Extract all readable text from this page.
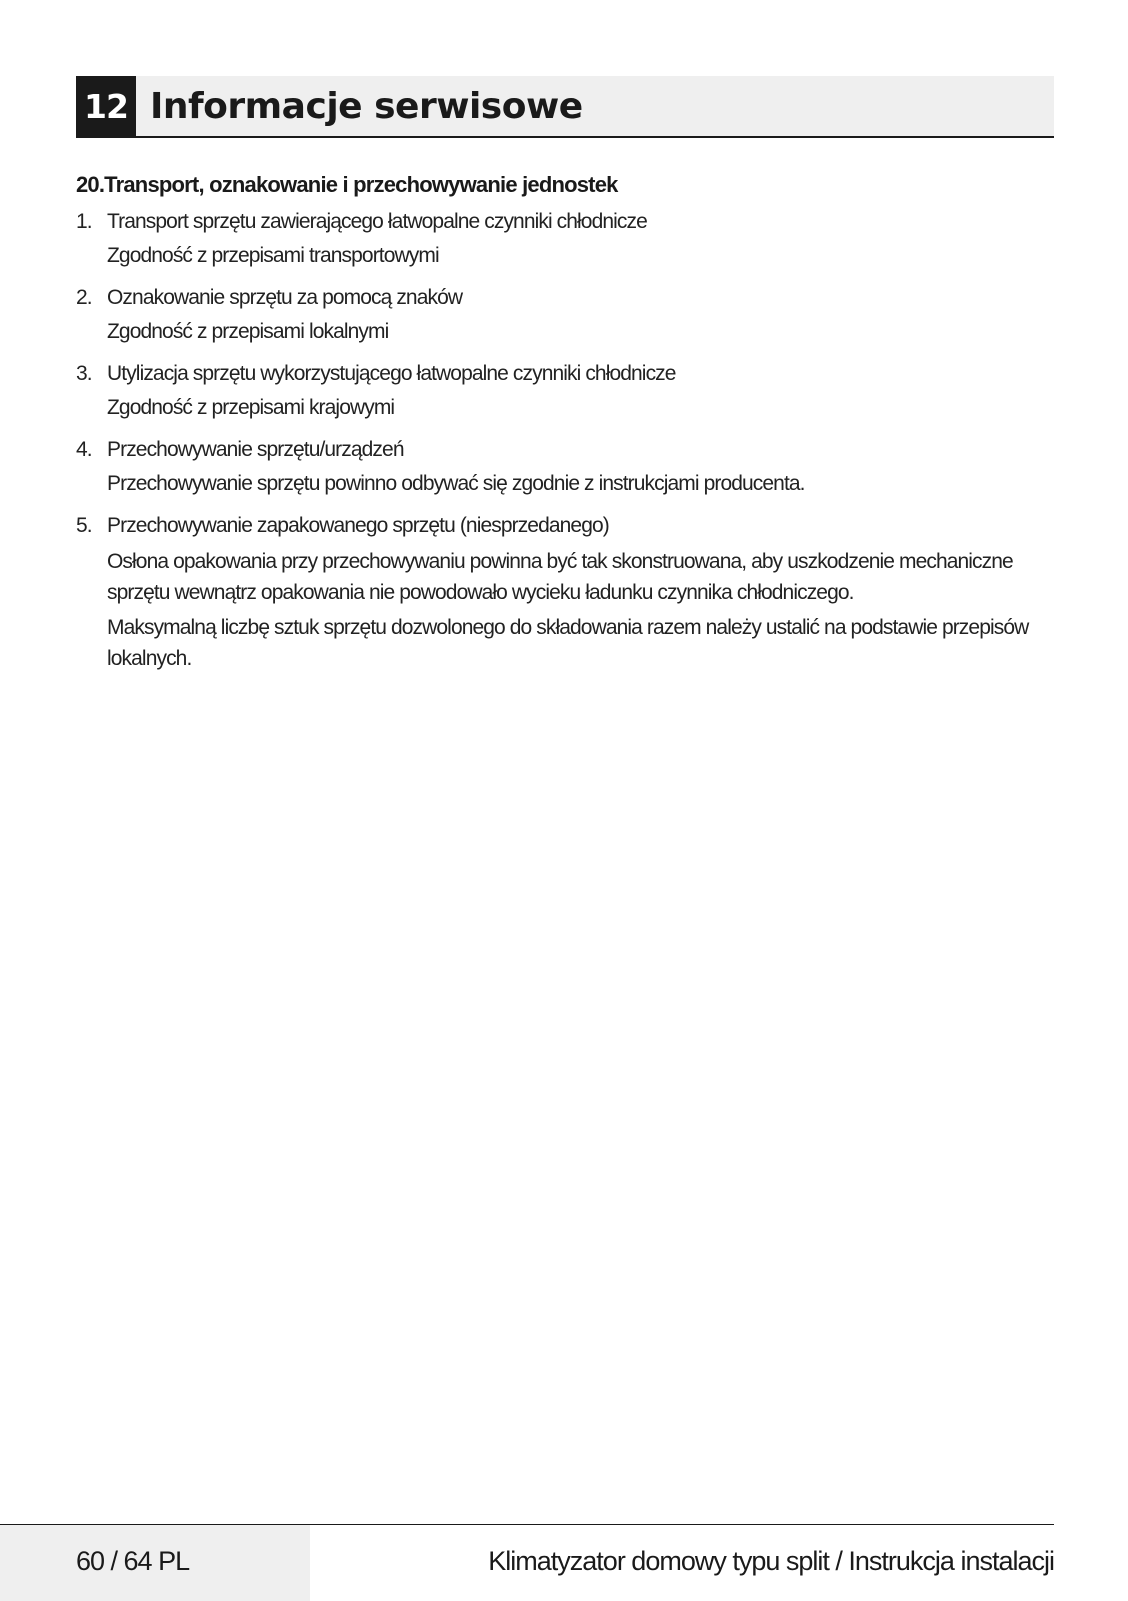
12 Informacje serwisowe
20.Transport, oznakowanie i przechowywanie jednostek
1. Transport sprzętu zawierającego łatwopalne czynniki chłodnicze
Zgodność z przepisami transportowymi
2. Oznakowanie sprzętu za pomocą znaków
Zgodność z przepisami lokalnymi
3. Utylizacja sprzętu wykorzystującego łatwopalne czynniki chłodnicze
Zgodność z przepisami krajowymi
4. Przechowywanie sprzętu/urządzeń
Przechowywanie sprzętu powinno odbywać się zgodnie z instrukcjami producenta.
5. Przechowywanie zapakowanego sprzętu (niesprzedanego)
Osłona opakowania przy przechowywaniu powinna być tak skonstruowana, aby uszkodzenie mechaniczne sprzętu wewnątrz opakowania nie powodowało wycieku ładunku czynnika chłodniczego.
Maksymalną liczbę sztuk sprzętu dozwolonego do składowania razem należy ustalić na podstawie przepisów lokalnych.
60 / 64 PL	Klimatyzator domowy typu split / Instrukcja instalacji
